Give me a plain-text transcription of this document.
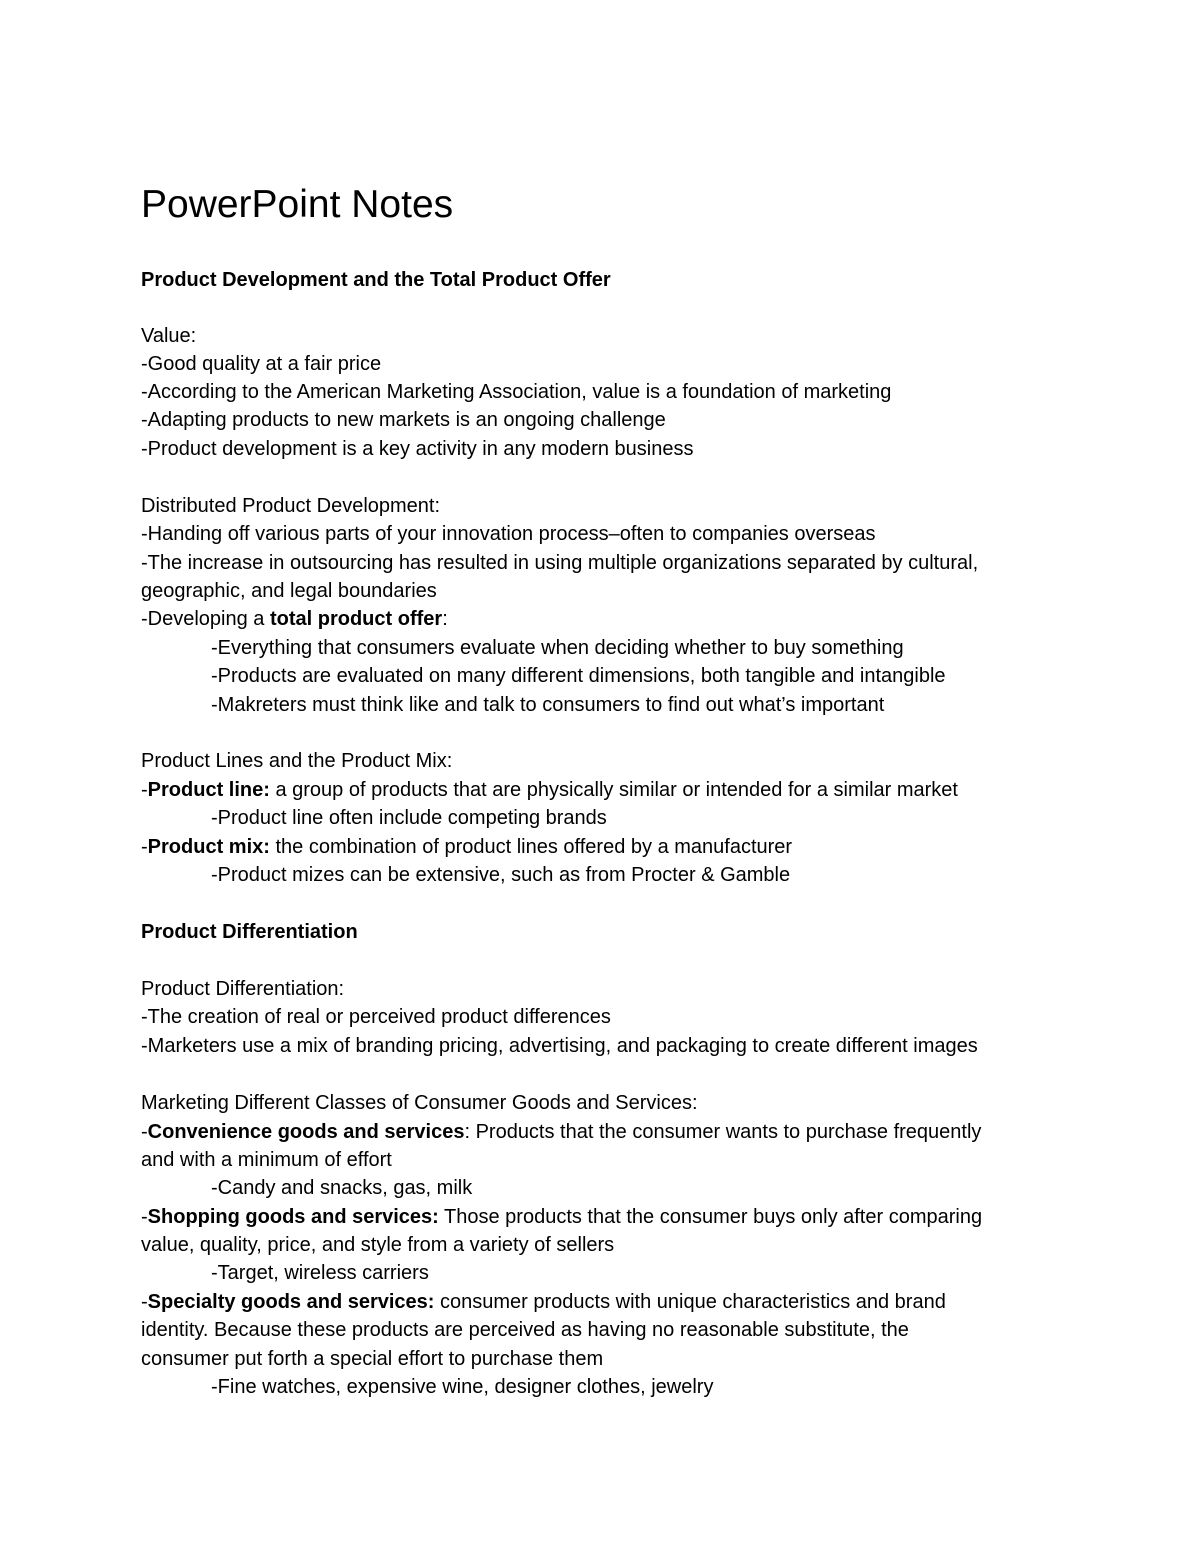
PowerPoint Notes
Product Development and the Total Product Offer
Value:
-Good quality at a fair price
-According to the American Marketing Association, value is a foundation of marketing
-Adapting products to new markets is an ongoing challenge
-Product development is a key activity in any modern business
Distributed Product Development:
-Handing off various parts of your innovation process–often to companies overseas
-The increase in outsourcing has resulted in using multiple organizations separated by cultural,
geographic, and legal boundaries
-Developing a total product offer:
-Everything that consumers evaluate when deciding whether to buy something
-Products are evaluated on many different dimensions, both tangible and intangible
-Makreters must think like and talk to consumers to find out what’s important
Product Lines and the Product Mix:
-Product line: a group of products that are physically similar or intended for a similar market
-Product line often include competing brands
-Product mix: the combination of product lines offered by a manufacturer
-Product mizes can be extensive, such as from Procter & Gamble
Product Differentiation
Product Differentiation:
-The creation of real or perceived product differences
-Marketers use a mix of branding pricing, advertising, and packaging to create different images
Marketing Different Classes of Consumer Goods and Services:
-Convenience goods and services: Products that the consumer wants to purchase frequently
and with a minimum of effort
-Candy and snacks, gas, milk
-Shopping goods and services: Those products that the consumer buys only after comparing
value, quality, price, and style from a variety of sellers
-Target, wireless carriers
-Specialty goods and services: consumer products with unique characteristics and brand
identity. Because these products are perceived as having no reasonable substitute, the
consumer put forth a special effort to purchase them
-Fine watches, expensive wine, designer clothes, jewelry
